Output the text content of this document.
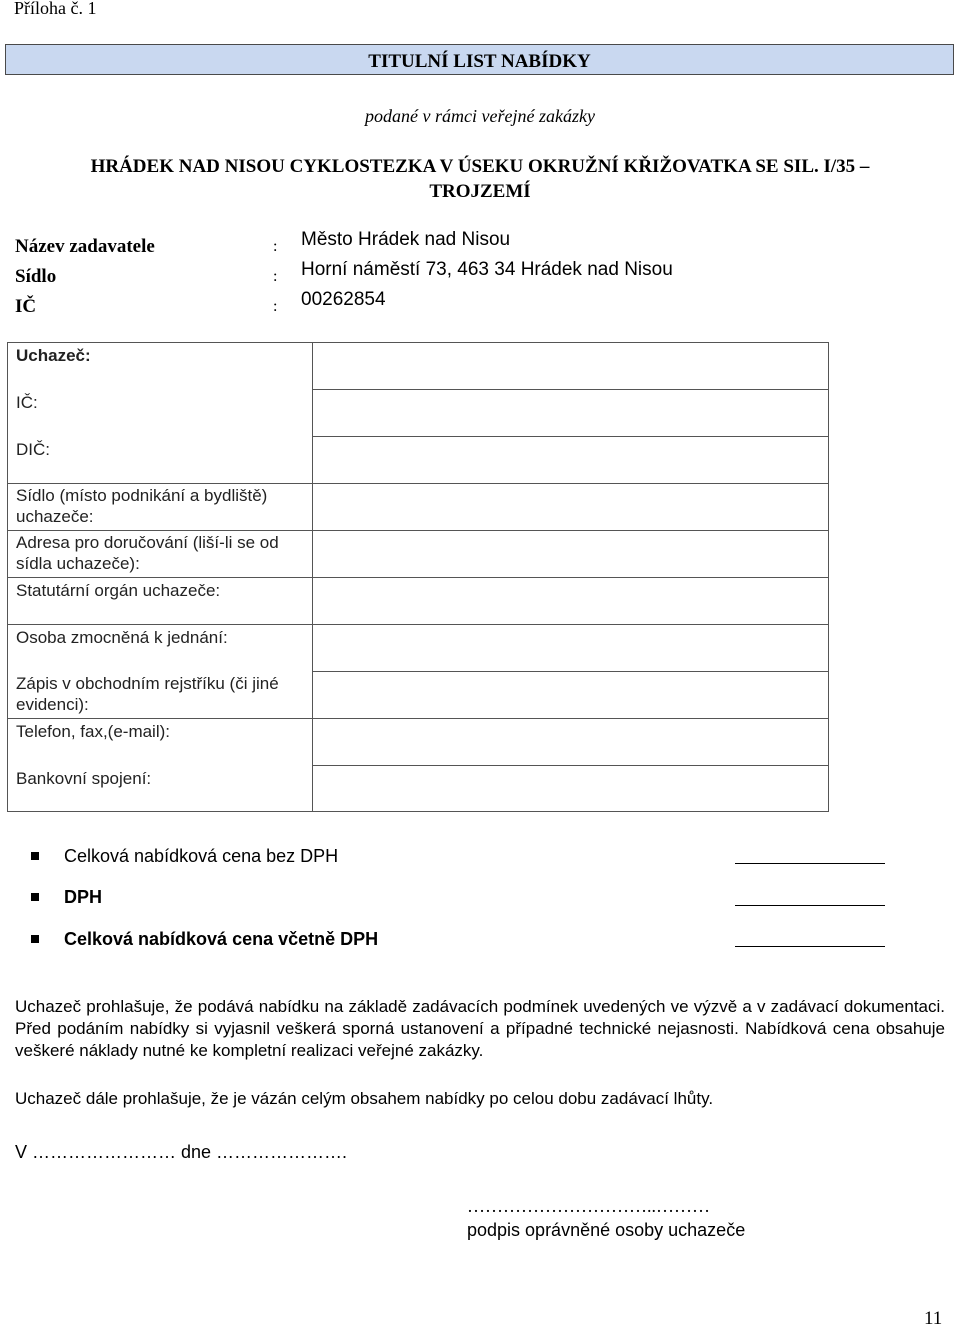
Příloha č. 1
TITULNÍ LIST NABÍDKY
podané v rámci veřejné zakázky
HRÁDEK NAD NISOU CYKLOSTEZKA V ÚSEKU OKRUŽNÍ KŘIŽOVATKA SE SIL. I/35 – TROJZEMÍ
Název zadavatele	: Město Hrádek nad Nisou
Sídlo	: Horní náměstí 73, 463 34 Hrádek nad Nisou
IČ	: 00262854
Uchazeč:
IČ:
DIČ:
Sídlo (místo podnikání a bydliště) uchazeče:
Adresa pro doručování (liší-li se od sídla uchazeče):
Statutární orgán uchazeče:
Osoba zmocněná k jednání:
Zápis v obchodním rejstříku (či jiné evidenci):
Telefon, fax,(e-mail):
Bankovní spojení:
Celková nabídková cena bez DPH
DPH
Celková nabídková cena včetně DPH
Uchazeč prohlašuje, že podává nabídku na základě zadávacích podmínek uvedených ve výzvě a v zadávací dokumentaci. Před podáním nabídky si vyjasnil veškerá sporná ustanovení a případné technické nejasnosti. Nabídková cena obsahuje veškeré náklady nutné ke kompletní realizaci veřejné zakázky.
Uchazeč dále prohlašuje, že je vázán celým obsahem nabídky po celou dobu zadávací lhůty.
V …………………… dne ………………….
…………………………..………
podpis oprávněné osoby uchazeče
11
